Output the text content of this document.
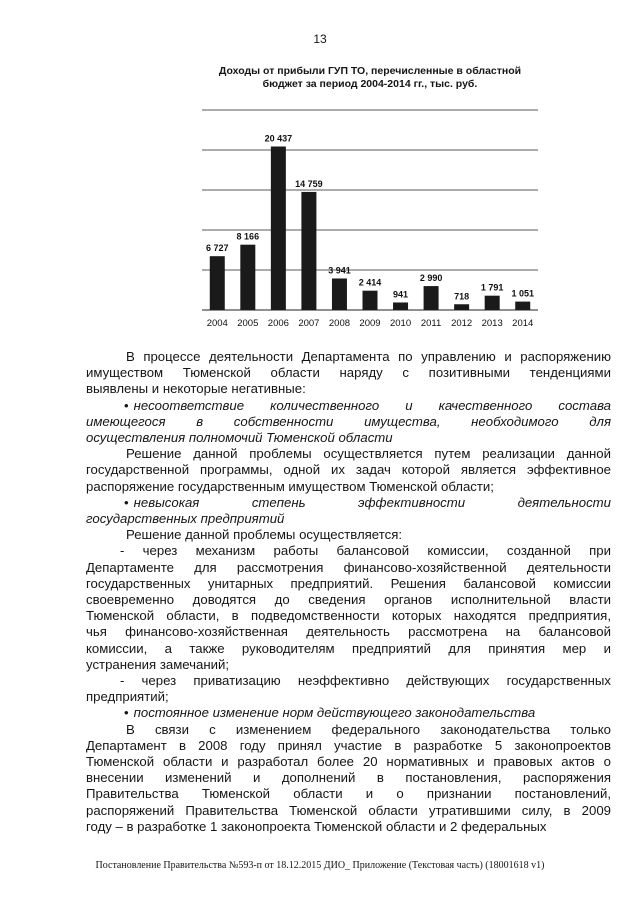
13
Доходы от прибыли ГУП ТО, перечисленные в областной
бюджет за период 2004-2014 гг., тыс. руб.
6 727
2004
8 166
2005
20 437
2006
14 759
2007
3 941
2008
2 414
2009
941
2010
2 990
2011
718
2012
1 791
2013
1 051
2014

В процессе деятельности Департамента по управлению и распоряжению

имуществом Тюменской области наряду с позитивными тенденциями

выявлены и некоторые негативные:

• несоответствие количественного и качественного состава

имеющегося в собственности имущества, необходимого для

осуществления полномочий Тюменской области

Решение данной проблемы осуществляется путем реализации данной

государственной программы, одной их задач которой является эффективное

распоряжение государственным имуществом Тюменской области;

• невысокая степень эффективности деятельности

государственных предприятий

Решение данной проблемы осуществляется:

- через механизм работы балансовой комиссии, созданной при

Департаменте для рассмотрения финансово-хозяйственной деятельности

государственных унитарных предприятий. Решения балансовой комиссии

своевременно доводятся до сведения органов исполнительной власти

Тюменской области, в подведомственности которых находятся предприятия,

чья финансово-хозяйственная деятельность рассмотрена на балансовой

комиссии, а также руководителям предприятий для принятия мер и

устранения замечаний;

- через приватизацию неэффективно действующих государственных

предприятий;

• постоянное изменение норм действующего законодательства

В связи с изменением федерального законодательства только

Департамент в 2008 году принял участие в разработке 5 законопроектов

Тюменской области и разработал более 20 нормативных и правовых актов о

внесении изменений и дополнений в постановления, распоряжения

Правительства Тюменской области и о признании постановлений,

распоряжений Правительства Тюменской области утратившими силу, в 2009

году – в разработке 1 законопроекта Тюменской области и 2 федеральных

Постановление Правительства №593-п от 18.12.2015 ДИО_ Приложение (Текстовая часть) (18001618 v1)
